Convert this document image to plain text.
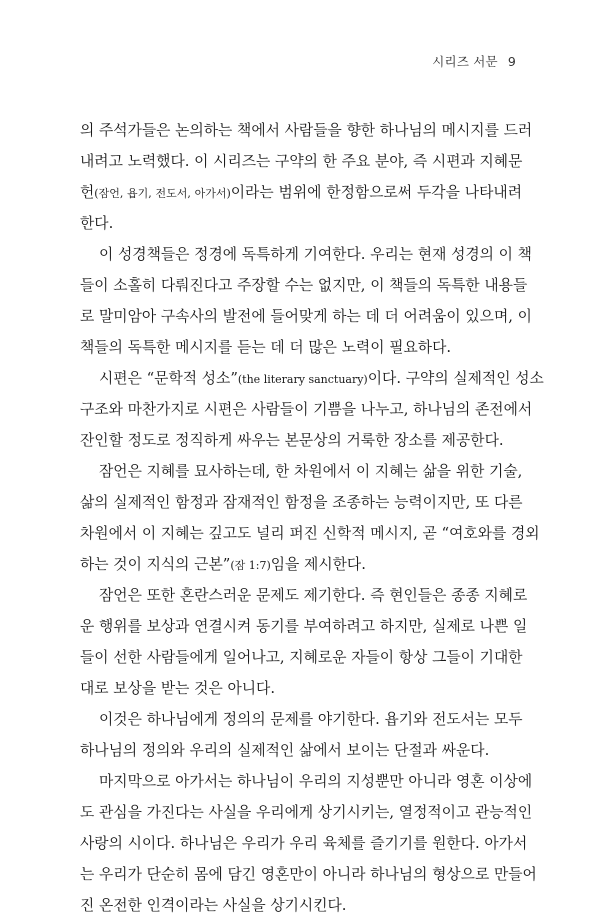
시리즈 서문 9
의 주석가들은 논의하는 책에서 사람들을 향한 하나님의 메시지를 드러
내려고 노력했다. 이 시리즈는 구약의 한 주요 분야, 즉 시편과 지혜문
헌(잠언, 욥기, 전도서, 아가서)이라는 범위에 한정함으로써 두각을 나타내려
한다.
이 성경책들은 정경에 독특하게 기여한다. 우리는 현재 성경의 이 책
들이 소홀히 다뤄진다고 주장할 수는 없지만, 이 책들의 독특한 내용들
로 말미암아 구속사의 발전에 들어맞게 하는 데 더 어려움이 있으며, 이
책들의 독특한 메시지를 듣는 데 더 많은 노력이 필요하다.
시편은 “문학적 성소”(the literary sanctuary)이다. 구약의 실제적인 성소
구조와 마찬가지로 시편은 사람들이 기쁨을 나누고, 하나님의 존전에서
잔인할 정도로 정직하게 싸우는 본문상의 거룩한 장소를 제공한다.
잠언은 지혜를 묘사하는데, 한 차원에서 이 지혜는 삶을 위한 기술,
삶의 실제적인 함정과 잠재적인 함정을 조종하는 능력이지만, 또 다른
차원에서 이 지혜는 깊고도 널리 퍼진 신학적 메시지, 곧 “여호와를 경외
하는 것이 지식의 근본”(잠 1:7)임을 제시한다.
잠언은 또한 혼란스러운 문제도 제기한다. 즉 현인들은 종종 지혜로
운 행위를 보상과 연결시켜 동기를 부여하려고 하지만, 실제로 나쁜 일
들이 선한 사람들에게 일어나고, 지혜로운 자들이 항상 그들이 기대한
대로 보상을 받는 것은 아니다.
이것은 하나님에게 정의의 문제를 야기한다. 욥기와 전도서는 모두
하나님의 정의와 우리의 실제적인 삶에서 보이는 단절과 싸운다.
마지막으로 아가서는 하나님이 우리의 지성뿐만 아니라 영혼 이상에
도 관심을 가진다는 사실을 우리에게 상기시키는, 열정적이고 관능적인
사랑의 시이다. 하나님은 우리가 우리 육체를 즐기기를 원한다. 아가서
는 우리가 단순히 몸에 담긴 영혼만이 아니라 하나님의 형상으로 만들어
진 온전한 인격이라는 사실을 상기시킨다.
